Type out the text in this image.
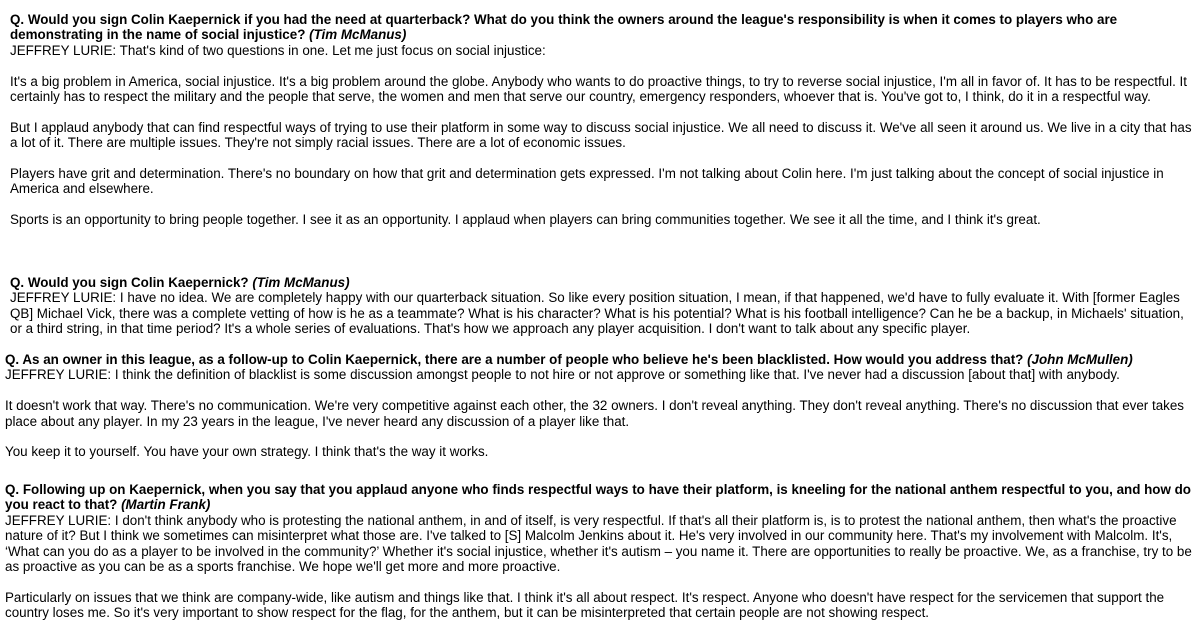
Q. Would you sign Colin Kaepernick if you had the need at quarterback? What do you think the owners around the league's responsibility is when it comes to players who are demonstrating in the name of social injustice? (Tim McManus)

JEFFREY LURIE: That's kind of two questions in one. Let me just focus on social injustice:

It's a big problem in America, social injustice. It's a big problem around the globe. Anybody who wants to do proactive things, to try to reverse social injustice, I'm all in favor of. It has to be respectful. It certainly has to respect the military and the people that serve, the women and men that serve our country, emergency responders, whoever that is. You've got to, I think, do it in a respectful way.

But I applaud anybody that can find respectful ways of trying to use their platform in some way to discuss social injustice. We all need to discuss it. We've all seen it around us. We live in a city that has a lot of it. There are multiple issues. They're not simply racial issues. There are a lot of economic issues.

Players have grit and determination. There's no boundary on how that grit and determination gets expressed. I'm not talking about Colin here. I'm just talking about the concept of social injustice in America and elsewhere.

Sports is an opportunity to bring people together. I see it as an opportunity. I applaud when players can bring communities together. We see it all the time, and I think it's great.

Q. Would you sign Colin Kaepernick? (Tim McManus)

JEFFREY LURIE: I have no idea. We are completely happy with our quarterback situation. So like every position situation, I mean, if that happened, we'd have to fully evaluate it. With [former Eagles QB] Michael Vick, there was a complete vetting of how is he as a teammate? What is his character? What is his potential? What is his football intelligence? Can he be a backup, in Michaels' situation, or a third string, in that time period? It's a whole series of evaluations. That's how we approach any player acquisition. I don't want to talk about any specific player.

Q. As an owner in this league, as a follow-up to Colin Kaepernick, there are a number of people who believe he's been blacklisted. How would you address that? (John McMullen)

JEFFREY LURIE: I think the definition of blacklist is some discussion amongst people to not hire or not approve or something like that. I've never had a discussion [about that] with anybody.

It doesn't work that way. There's no communication. We're very competitive against each other, the 32 owners. I don't reveal anything. They don't reveal anything. There's no discussion that ever takes place about any player. In my 23 years in the league, I've never heard any discussion of a player like that.

You keep it to yourself. You have your own strategy. I think that's the way it works.

Q. Following up on Kaepernick, when you say that you applaud anyone who finds respectful ways to have their platform, is kneeling for the national anthem respectful to you, and how do you react to that? (Martin Frank)

JEFFREY LURIE: I don't think anybody who is protesting the national anthem, in and of itself, is very respectful. If that's all their platform is, is to protest the national anthem, then what's the proactive nature of it? But I think we sometimes can misinterpret what those are. I've talked to [S] Malcolm Jenkins about it. He's very involved in our community here. That's my involvement with Malcolm. It's, ‘What can you do as a player to be involved in the community?’ Whether it's social injustice, whether it's autism – you name it. There are opportunities to really be proactive. We, as a franchise, try to be as proactive as you can be as a sports franchise. We hope we'll get more and more proactive.

Particularly on issues that we think are company-wide, like autism and things like that. I think it's all about respect. It's respect. Anyone who doesn't have respect for the servicemen that support the country loses me. So it's very important to show respect for the flag, for the anthem, but it can be misinterpreted that certain people are not showing respect.
